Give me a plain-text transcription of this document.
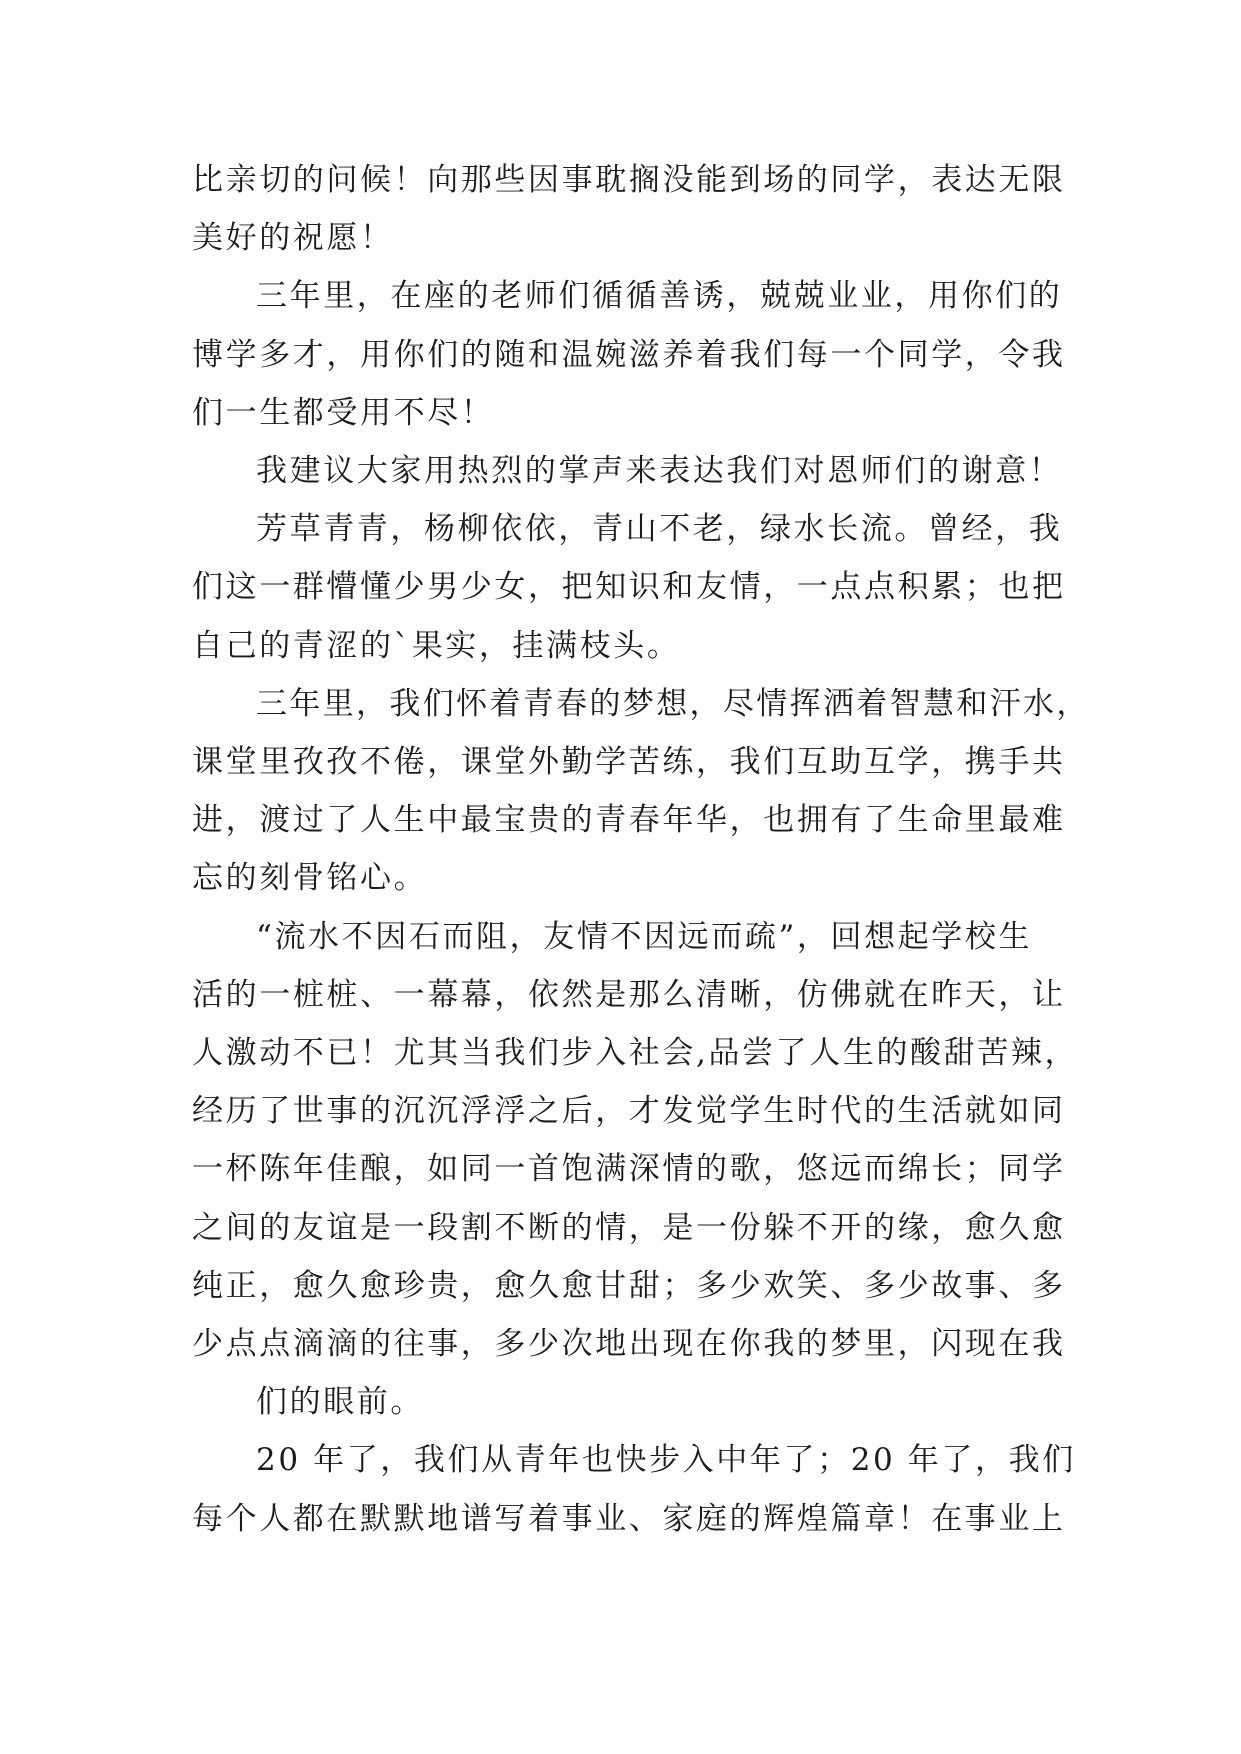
比亲切的问候！向那些因事耽搁没能到场的同学，表达无限
美好的祝愿！
三年里，在座的老师们循循善诱，兢兢业业，用你们的
博学多才，用你们的随和温婉滋养着我们每一个同学，令我
们一生都受用不尽！
我建议大家用热烈的掌声来表达我们对恩师们的谢意！
芳草青青，杨柳依依，青山不老，绿水长流。曾经，我
们这一群懵懂少男少女，把知识和友情，一点点积累；也把
自己的青涩的`果实，挂满枝头。
三年里，我们怀着青春的梦想，尽情挥洒着智慧和汗水，
课堂里孜孜不倦，课堂外勤学苦练，我们互助互学，携手共
进，渡过了人生中最宝贵的青春年华，也拥有了生命里最难
忘的刻骨铭心。
“流水不因石而阻，友情不因远而疏”，回想起学校生
活的一桩桩、一幕幕，依然是那么清晰，仿佛就在昨天，让
人激动不已！尤其当我们步入社会,品尝了人生的酸甜苦辣，
经历了世事的沉沉浮浮之后，才发觉学生时代的生活就如同
一杯陈年佳酿，如同一首饱满深情的歌，悠远而绵长；同学
之间的友谊是一段割不断的情，是一份躲不开的缘，愈久愈
纯正，愈久愈珍贵，愈久愈甘甜；多少欢笑、多少故事、多
少点点滴滴的往事，多少次地出现在你我的梦里，闪现在我
们的眼前。
20 年了，我们从青年也快步入中年了；20 年了，我们
每个人都在默默地谱写着事业、家庭的辉煌篇章！在事业上
